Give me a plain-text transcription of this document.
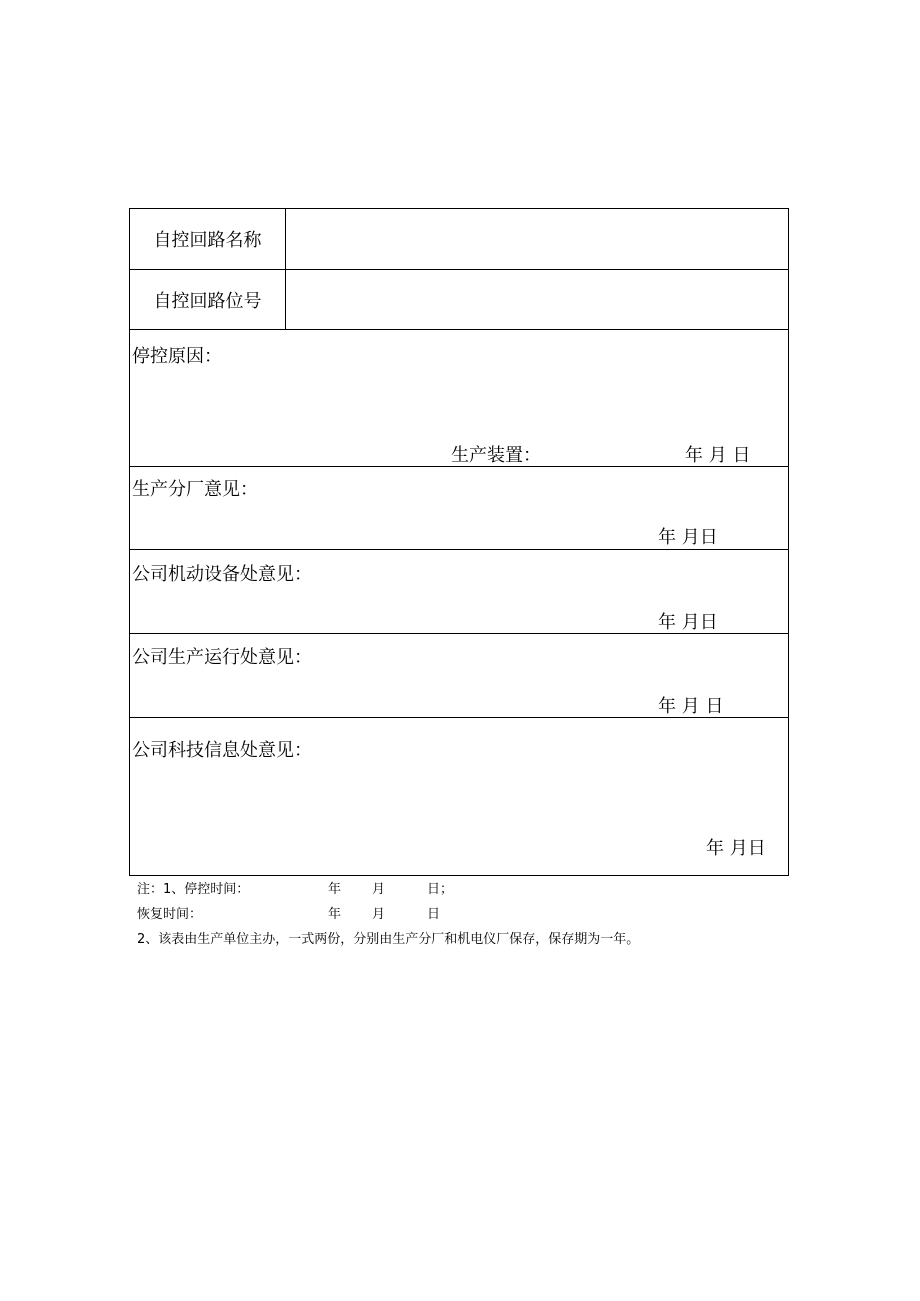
自控回路名称
自控回路位号
停控原因：
生产装置：	年 月 日
生产分厂意见：
年 月日
公司机动设备处意见：
年 月日
公司生产运行处意见：
年 月 日
公司科技信息处意见：
年 月日
注：1、停控时间：	年 月	日；
恢复时间：	年 月	日
2、该表由生产单位主办，一式两份，分别由生产分厂和机电仪厂保存，保存期为一年。
